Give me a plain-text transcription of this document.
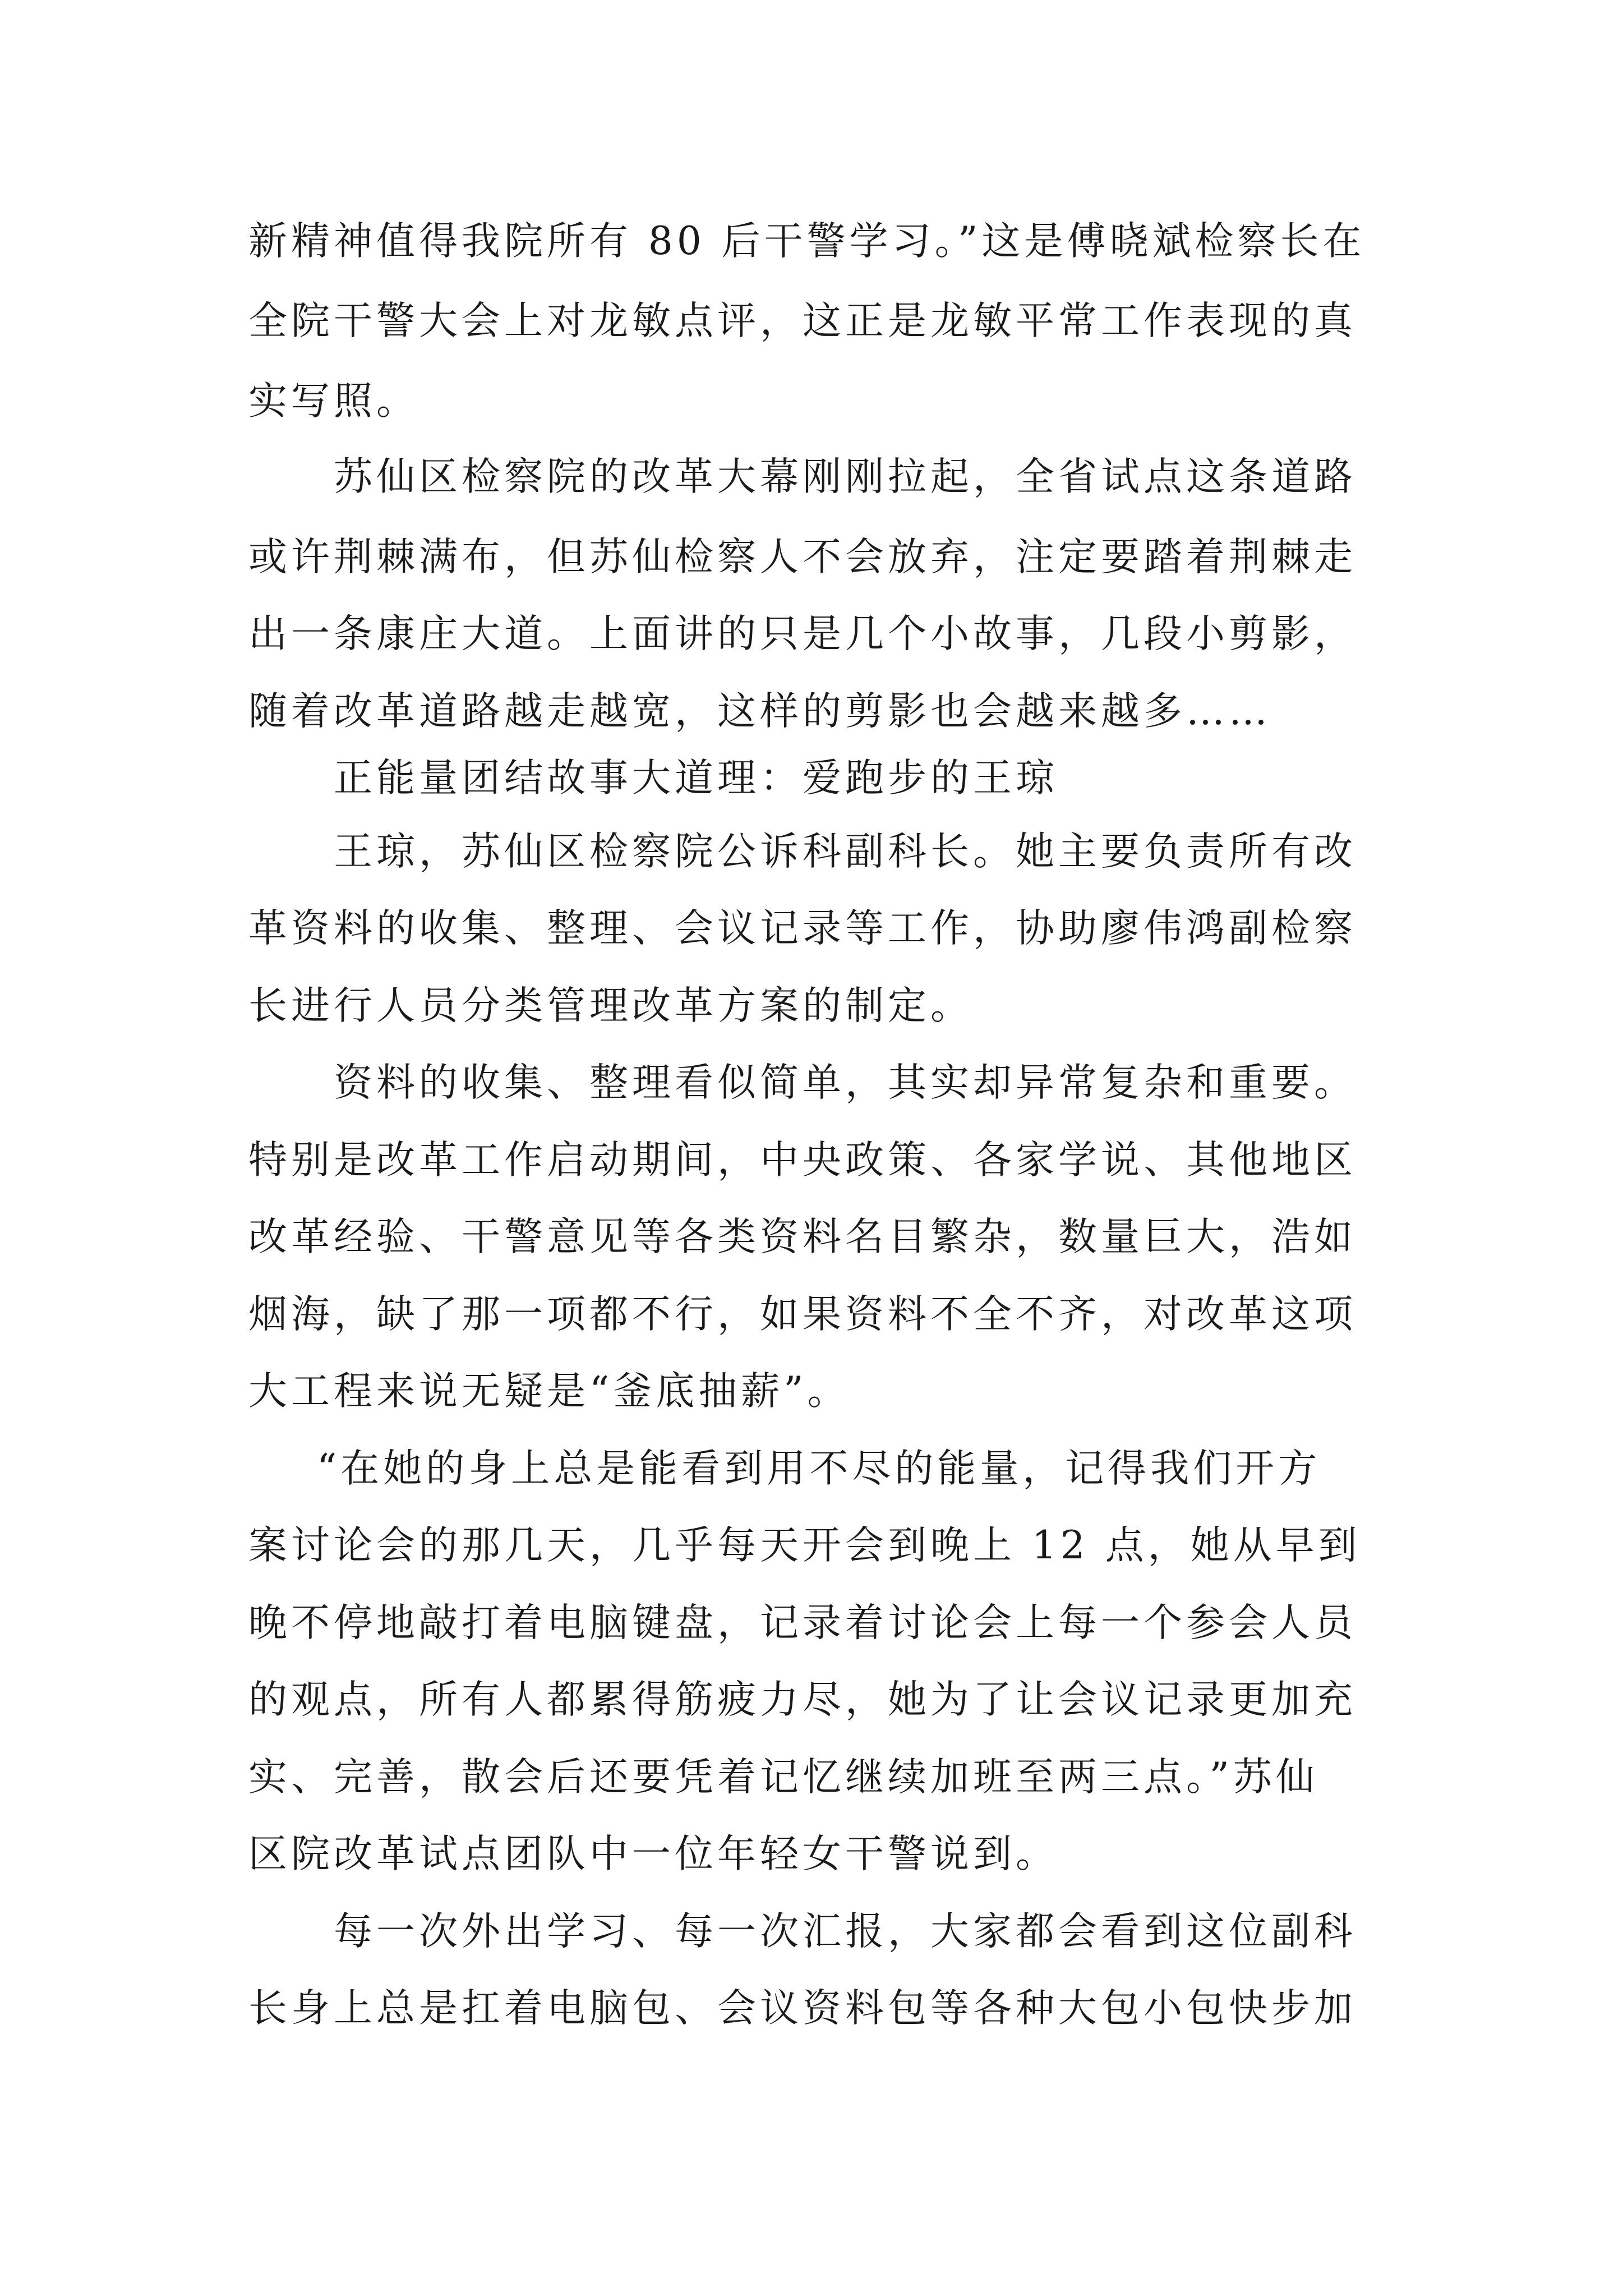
新精神值得我院所有 80 后干警学习。”这是傅晓斌检察长在
全院干警大会上对龙敏点评，这正是龙敏平常工作表现的真
实写照。
苏仙区检察院的改革大幕刚刚拉起，全省试点这条道路
或许荆棘满布，但苏仙检察人不会放弃，注定要踏着荆棘走
出一条康庄大道。上面讲的只是几个小故事，几段小剪影，
随着改革道路越走越宽，这样的剪影也会越来越多……
正能量团结故事大道理：爱跑步的王琼
王琼，苏仙区检察院公诉科副科长。她主要负责所有改
革资料的收集、整理、会议记录等工作，协助廖伟鸿副检察
长进行人员分类管理改革方案的制定。
资料的收集、整理看似简单，其实却异常复杂和重要。
特别是改革工作启动期间，中央政策、各家学说、其他地区
改革经验、干警意见等各类资料名目繁杂，数量巨大，浩如
烟海，缺了那一项都不行，如果资料不全不齐，对改革这项
大工程来说无疑是“釜底抽薪”。
“在她的身上总是能看到用不尽的能量，记得我们开方
案讨论会的那几天，几乎每天开会到晚上 12 点，她从早到
晚不停地敲打着电脑键盘，记录着讨论会上每一个参会人员
的观点，所有人都累得筋疲力尽，她为了让会议记录更加充
实、完善，散会后还要凭着记忆继续加班至两三点。”苏仙
区院改革试点团队中一位年轻女干警说到。
每一次外出学习、每一次汇报，大家都会看到这位副科
长身上总是扛着电脑包、会议资料包等各种大包小包快步加
